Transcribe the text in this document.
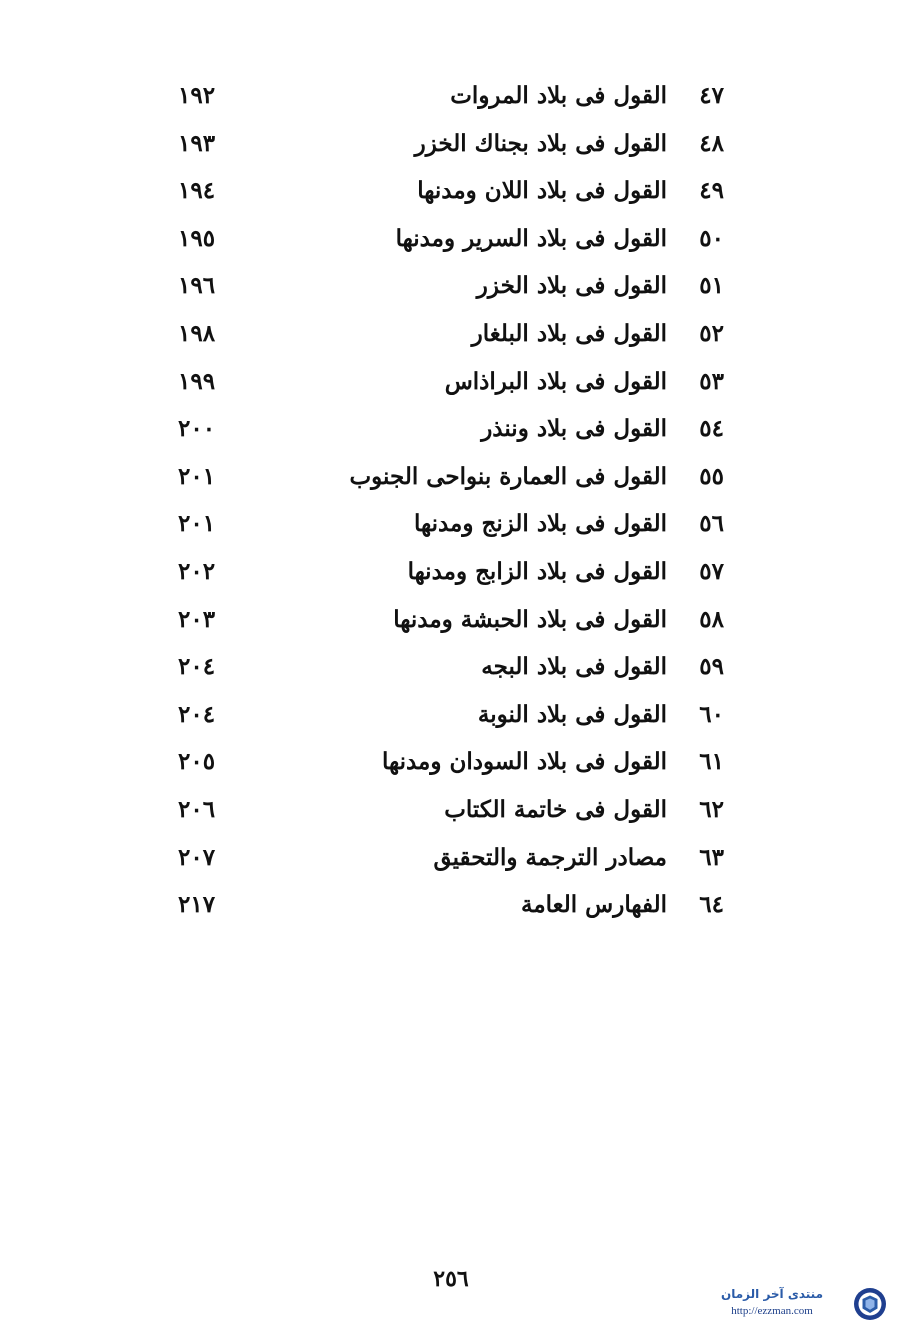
٤٧
القول فى بلاد المروات
١٩٢
٤٨
القول فى بلاد بجناك الخزر
١٩٣
٤٩
القول فى بلاد اللان ومدنها
١٩٤
٥٠
القول فى بلاد السرير ومدنها
١٩٥
٥١
القول فى بلاد الخزر
١٩٦
٥٢
القول فى بلاد البلغار
١٩٨
٥٣
القول فى بلاد البراذاس
١٩٩
٥٤
القول فى بلاد وننذر
٢٠٠
٥٥
القول فى العمارة بنواحى الجنوب
٢٠١
٥٦
القول فى بلاد الزنج ومدنها
٢٠١
٥٧
القول فى بلاد الزابج ومدنها
٢٠٢
٥٨
القول فى بلاد الحبشة ومدنها
٢٠٣
٥٩
القول فى بلاد البجه
٢٠٤
٦٠
القول فى بلاد النوبة
٢٠٤
٦١
القول فى بلاد السودان ومدنها
٢٠٥
٦٢
القول فى خاتمة الكتاب
٢٠٦
٦٣
مصادر الترجمة والتحقيق
٢٠٧
٦٤
الفهارس العامة
٢١٧
٢٥٦
منتدى آخر الزمان
http://ezzman.com
